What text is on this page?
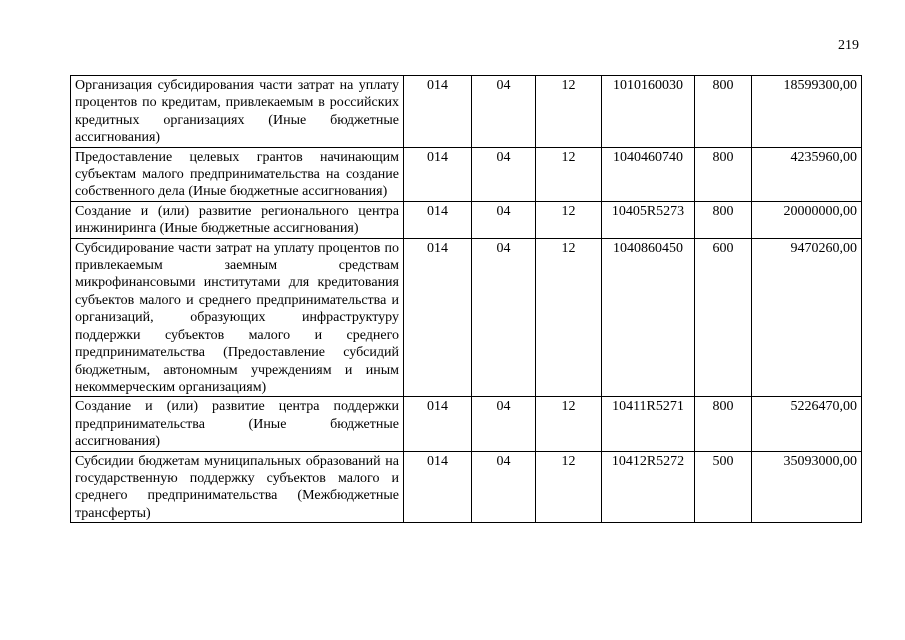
219
Организация субсидирования части затрат на уплату процентов по кредитам, привлекаемым в российских кредитных организациях (Иные бюджетные ассигнования)	014	04	12	1010160030	800	18599300,00
Предоставление целевых грантов начинающим субъектам малого предпринимательства на создание собственного дела (Иные бюджетные ассигнования)	014	04	12	1040460740	800	4235960,00
Создание и (или) развитие регионального центра инжиниринга (Иные бюджетные ассигнования)	014	04	12	10405R5273	800	20000000,00
Субсидирование части затрат на уплату процентов по привлекаемым заемным средствам микрофинансовыми институтами для кредитования субъектов малого и среднего предпринимательства и организаций, образующих инфраструктуру поддержки субъектов малого и среднего предпринимательства (Предоставление субсидий бюджетным, автономным учреждениям и иным некоммерческим организациям)	014	04	12	1040860450	600	9470260,00
Создание и (или) развитие центра поддержки предпринимательства (Иные бюджетные ассигнования)	014	04	12	10411R5271	800	5226470,00
Субсидии бюджетам муниципальных образований на государственную поддержку субъектов малого и среднего предпринимательства (Межбюджетные трансферты)	014	04	12	10412R5272	500	35093000,00
